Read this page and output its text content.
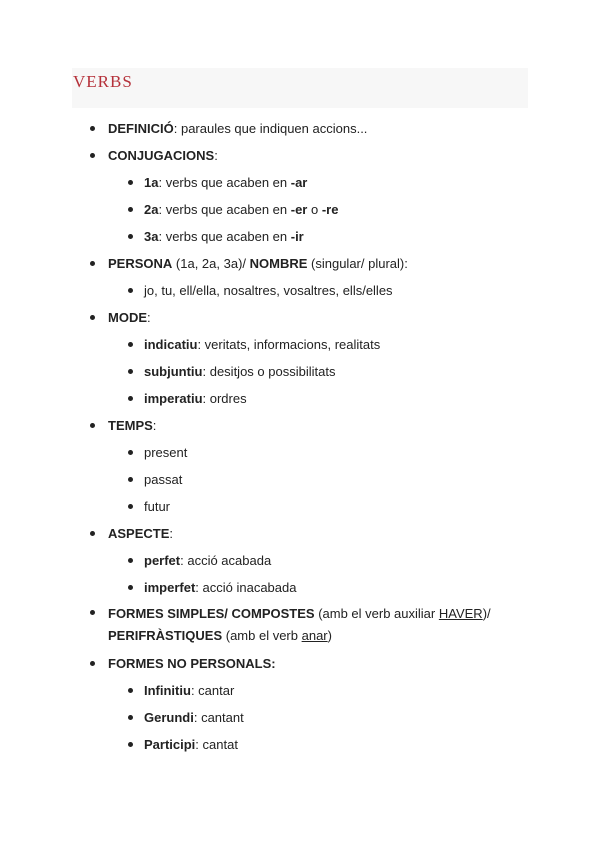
VERBS
DEFINICIÓ: paraules que indiquen accions...
CONJUGACIONS:
1a: verbs que acaben en -ar
2a: verbs que acaben en -er o -re
3a: verbs que acaben en -ir
PERSONA (1a, 2a, 3a)/ NOMBRE (singular/ plural):
jo, tu, ell/ella, nosaltres, vosaltres, ells/elles
MODE:
indicatiu: veritats, informacions, realitats
subjuntiu: desitjos o possibilitats
imperatiu: ordres
TEMPS:
present
passat
futur
ASPECTE:
perfet: acció acabada
imperfet: acció inacabada
FORMES SIMPLES/ COMPOSTES (amb el verb auxiliar HAVER)/
PERIFRÀSTIQUES (amb el verb anar)
FORMES NO PERSONALS:
Infinitiu: cantar
Gerundi: cantant
Participi: cantat
